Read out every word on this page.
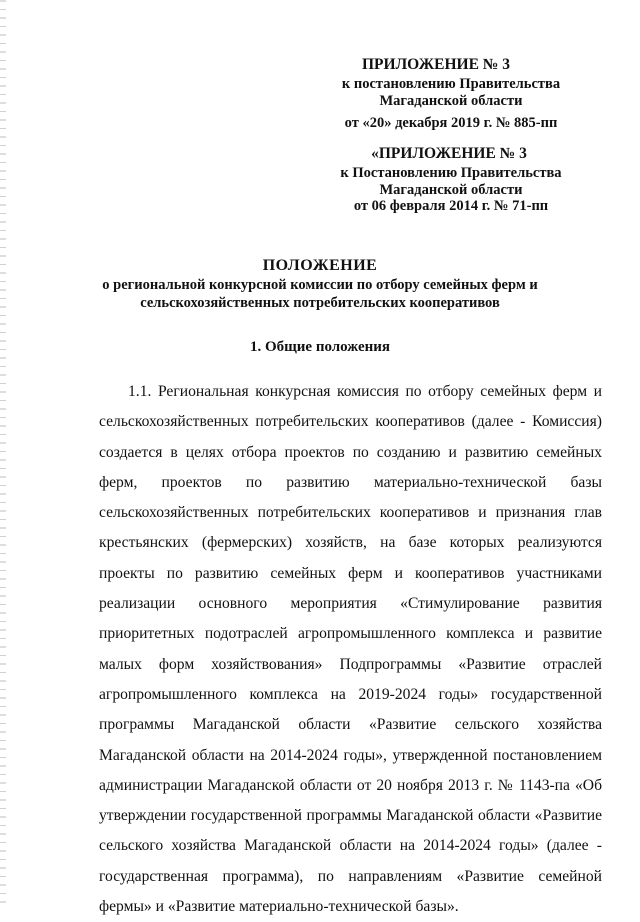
ПРИЛОЖЕНИЕ № 3
к постановлению Правительства
Магаданской области
от «20» декабря 2019 г. № 885-пп
«ПРИЛОЖЕНИЕ № 3
к Постановлению Правительства
Магаданской области
от 06 февраля 2014 г. № 71-пп
ПОЛОЖЕНИЕ
о региональной конкурсной комиссии по отбору семейных ферм и
сельскохозяйственных потребительских кооперативов
1. Общие положения

1.1. Региональная конкурсная комиссия по отбору семейных ферм и сельскохозяйственных потребительских кооперативов (далее - Комиссия) создается в целях отбора проектов по созданию и развитию семейных ферм, проектов по развитию материально-технической базы сельскохозяйственных потребительских кооперативов и признания глав крестьянских (фермерских) хозяйств, на базе которых реализуются проекты по развитию семейных ферм и кооперативов участниками реализации основного мероприятия «Стимулирование развития приоритетных подотраслей агропромышленного комплекса и развитие малых форм хозяйствования» Подпрограммы «Развитие отраслей агропромышленного комплекса на 2019-2024 годы» государственной программы Магаданской области «Развитие сельского хозяйства Магаданской области на 2014-2024 годы», утвержденной постановлением администрации Магаданской области от 20 ноября 2013 г. № 1143-па «Об утверждении государственной программы Магаданской области «Развитие сельского хозяйства Магаданской области на 2014-2024 годы» (далее - государственная программа), по направлениям «Развитие семейной фермы» и «Развитие материально-технической базы».
